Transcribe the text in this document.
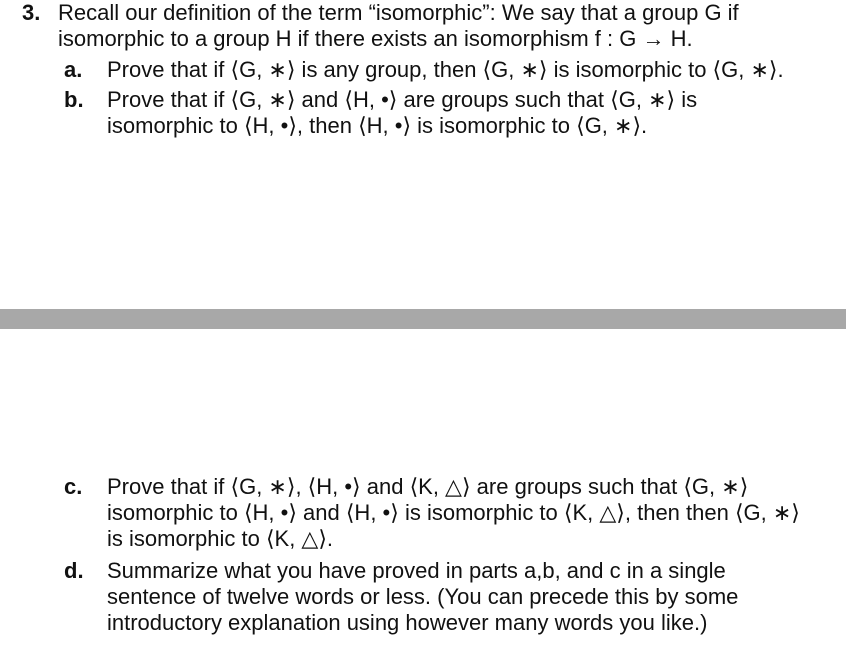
3. Recall our definition of the term “isomorphic”: We say that a group G if
isomorphic to a group H if there exists an isomorphism f : G → H.
a. Prove that if ⟨G, ∗⟩ is any group, then ⟨G, ∗⟩ is isomorphic to ⟨G, ∗⟩.
b. Prove that if ⟨G, ∗⟩ and ⟨H, •⟩ are groups such that ⟨G, ∗⟩ is
isomorphic to ⟨H, •⟩, then ⟨H, •⟩ is isomorphic to ⟨G, ∗⟩.
c. Prove that if ⟨G, ∗⟩, ⟨H, •⟩ and ⟨K, △⟩ are groups such that ⟨G, ∗⟩
isomorphic to ⟨H, •⟩ and ⟨H, •⟩ is isomorphic to ⟨K, △⟩, then then ⟨G, ∗⟩
is isomorphic to ⟨K, △⟩.
d. Summarize what you have proved in parts a,b, and c in a single
sentence of twelve words or less. (You can precede this by some
introductory explanation using however many words you like.)
